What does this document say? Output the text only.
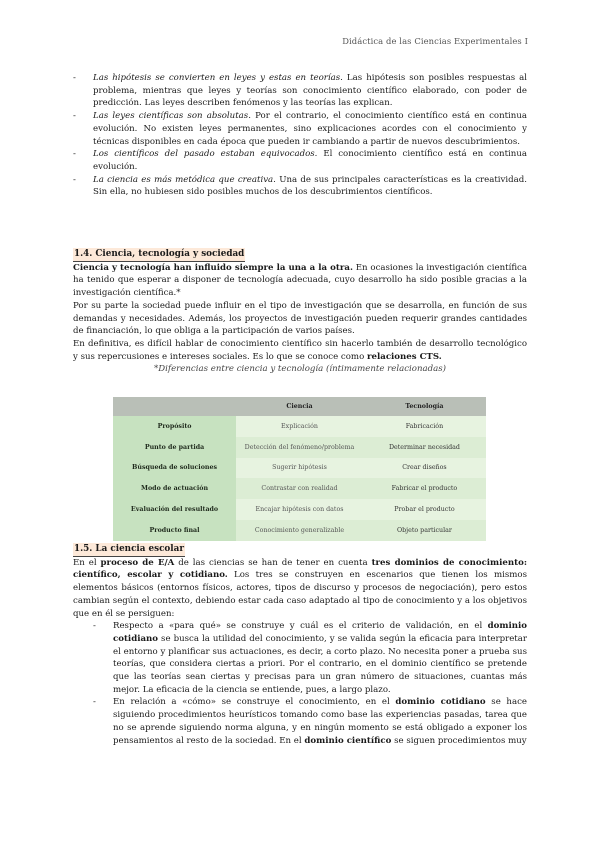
Didáctica de las Ciencias Experimentales I
- Las hipótesis se convierten en leyes y estas en teorías. Las hipótesis son posibles respuestas al problema, mientras que leyes y teorías son conocimiento científico elaborado, con poder de predicción. Las leyes describen fenómenos y las teorías las explican.
- Las leyes científicas son absolutas. Por el contrario, el conocimiento científico está en continua evolución. No existen leyes permanentes, sino explicaciones acordes con el conocimiento y técnicas disponibles en cada época que pueden ir cambiando a partir de nuevos descubrimientos.
- Los científicos del pasado estaban equivocados. El conocimiento científico está en continua evolución.
- La ciencia es más metódica que creativa. Una de sus principales características es la creatividad. Sin ella, no hubiesen sido posibles muchos de los descubrimientos científicos.
1.4. Ciencia, tecnología y sociedad
Ciencia y tecnología han influido siempre la una a la otra. En ocasiones la investigación científica ha tenido que esperar a disponer de tecnología adecuada, cuyo desarrollo ha sido posible gracias a la investigación científica.*
Por su parte la sociedad puede influir en el tipo de investigación que se desarrolla, en función de sus demandas y necesidades. Además, los proyectos de investigación pueden requerir grandes cantidades de financiación, lo que obliga a la participación de varios países.
En definitiva, es difícil hablar de conocimiento científico sin hacerlo también de desarrollo tecnológico y sus repercusiones e intereses sociales. Es lo que se conoce como relaciones CTS.
*Diferencias entre ciencia y tecnología (íntimamente relacionadas)
	Ciencia	Tecnología
Propósito	Explicación	Fabricación
Punto de partida	Detección del fenómeno/problema	Determinar necesidad
Búsqueda de soluciones	Sugerir hipótesis	Crear diseños
Modo de actuación	Contrastar con realidad	Fabricar el producto
Evaluación del resultado	Encajar hipótesis con datos	Probar el producto
Producto final	Conocimiento generalizable	Objeto particular
1.5. La ciencia escolar
En el proceso de E/A de las ciencias se han de tener en cuenta tres dominios de conocimiento: científico, escolar y cotidiano. Los tres se construyen en escenarios que tienen los mismos elementos básicos (entornos físicos, actores, tipos de discurso y procesos de negociación), pero estos cambian según el contexto, debiendo estar cada caso adaptado al tipo de conocimiento y a los objetivos que en él se persiguen:
- Respecto a «para qué» se construye y cuál es el criterio de validación, en el dominio cotidiano se busca la utilidad del conocimiento, y se valida según la eficacia para interpretar el entorno y planificar sus actuaciones, es decir, a corto plazo. No necesita poner a prueba sus teorías, que considera ciertas a priori. Por el contrario, en el dominio científico se pretende que las teorías sean ciertas y precisas para un gran número de situaciones, cuantas más mejor. La eficacia de la ciencia se entiende, pues, a largo plazo.
- En relación a «cómo» se construye el conocimiento, en el dominio cotidiano se hace siguiendo procedimientos heurísticos tomando como base las experiencias pasadas, tarea que no se aprende siguiendo norma alguna, y en ningún momento se está obligado a exponer los pensamientos al resto de la sociedad. En el dominio científico se siguen procedimientos muy
